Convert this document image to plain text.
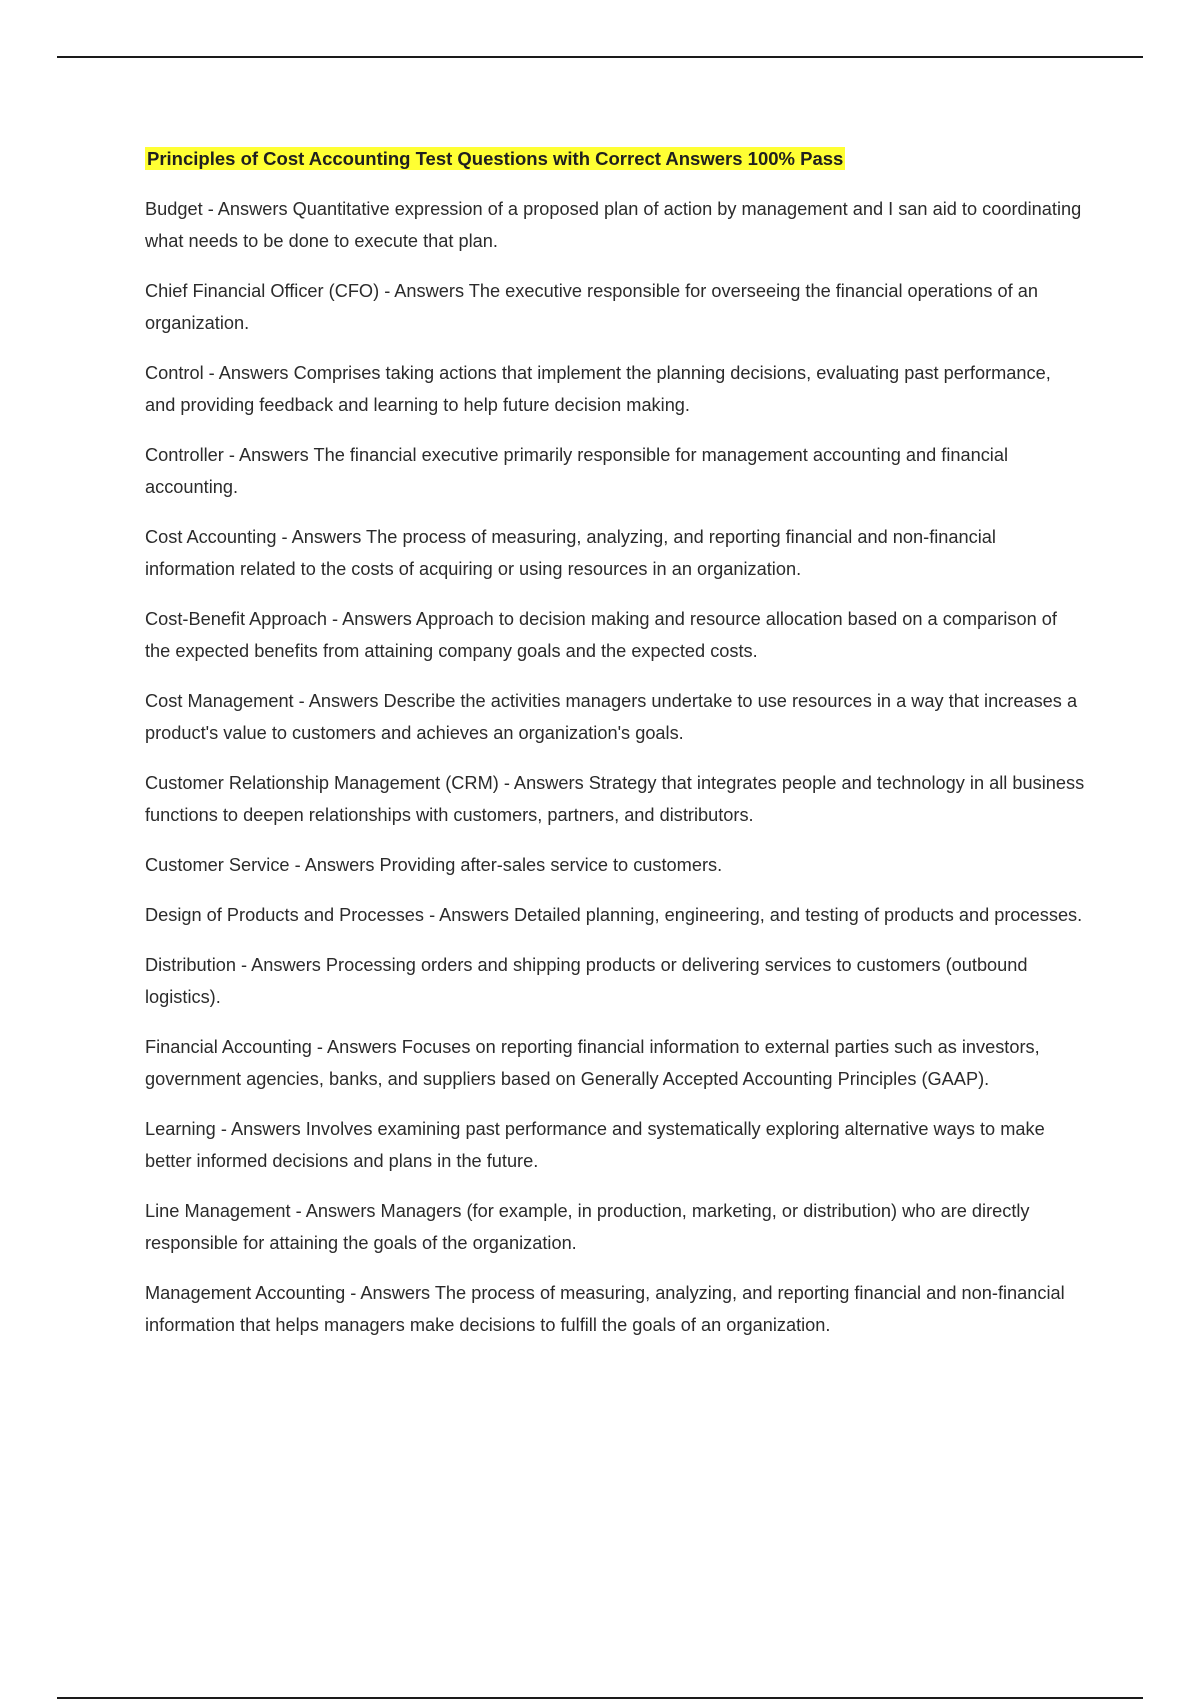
Principles of Cost Accounting Test Questions with Correct Answers 100% Pass

Budget - Answers Quantitative expression of a proposed plan of action by management and I san aid to coordinating what needs to be done to execute that plan.

Chief Financial Officer (CFO) - Answers The executive responsible for overseeing the financial operations of an organization.

Control - Answers Comprises taking actions that implement the planning decisions, evaluating past performance, and providing feedback and learning to help future decision making.

Controller - Answers The financial executive primarily responsible for management accounting and financial accounting.

Cost Accounting - Answers The process of measuring, analyzing, and reporting financial and non-financial information related to the costs of acquiring or using resources in an organization.

Cost-Benefit Approach - Answers Approach to decision making and resource allocation based on a comparison of the expected benefits from attaining company goals and the expected costs.

Cost Management - Answers Describe the activities managers undertake to use resources in a way that increases a product's value to customers and achieves an organization's goals.

Customer Relationship Management (CRM) - Answers Strategy that integrates people and technology in all business functions to deepen relationships with customers, partners, and distributors.

Customer Service - Answers Providing after-sales service to customers.

Design of Products and Processes - Answers Detailed planning, engineering, and testing of products and processes.

Distribution - Answers Processing orders and shipping products or delivering services to customers (outbound logistics).

Financial Accounting - Answers Focuses on reporting financial information to external parties such as investors, government agencies, banks, and suppliers based on Generally Accepted Accounting Principles (GAAP).

Learning - Answers Involves examining past performance and systematically exploring alternative ways to make better informed decisions and plans in the future.

Line Management - Answers Managers (for example, in production, marketing, or distribution) who are directly responsible for attaining the goals of the organization.

Management Accounting - Answers The process of measuring, analyzing, and reporting financial and non-financial information that helps managers make decisions to fulfill the goals of an organization.
